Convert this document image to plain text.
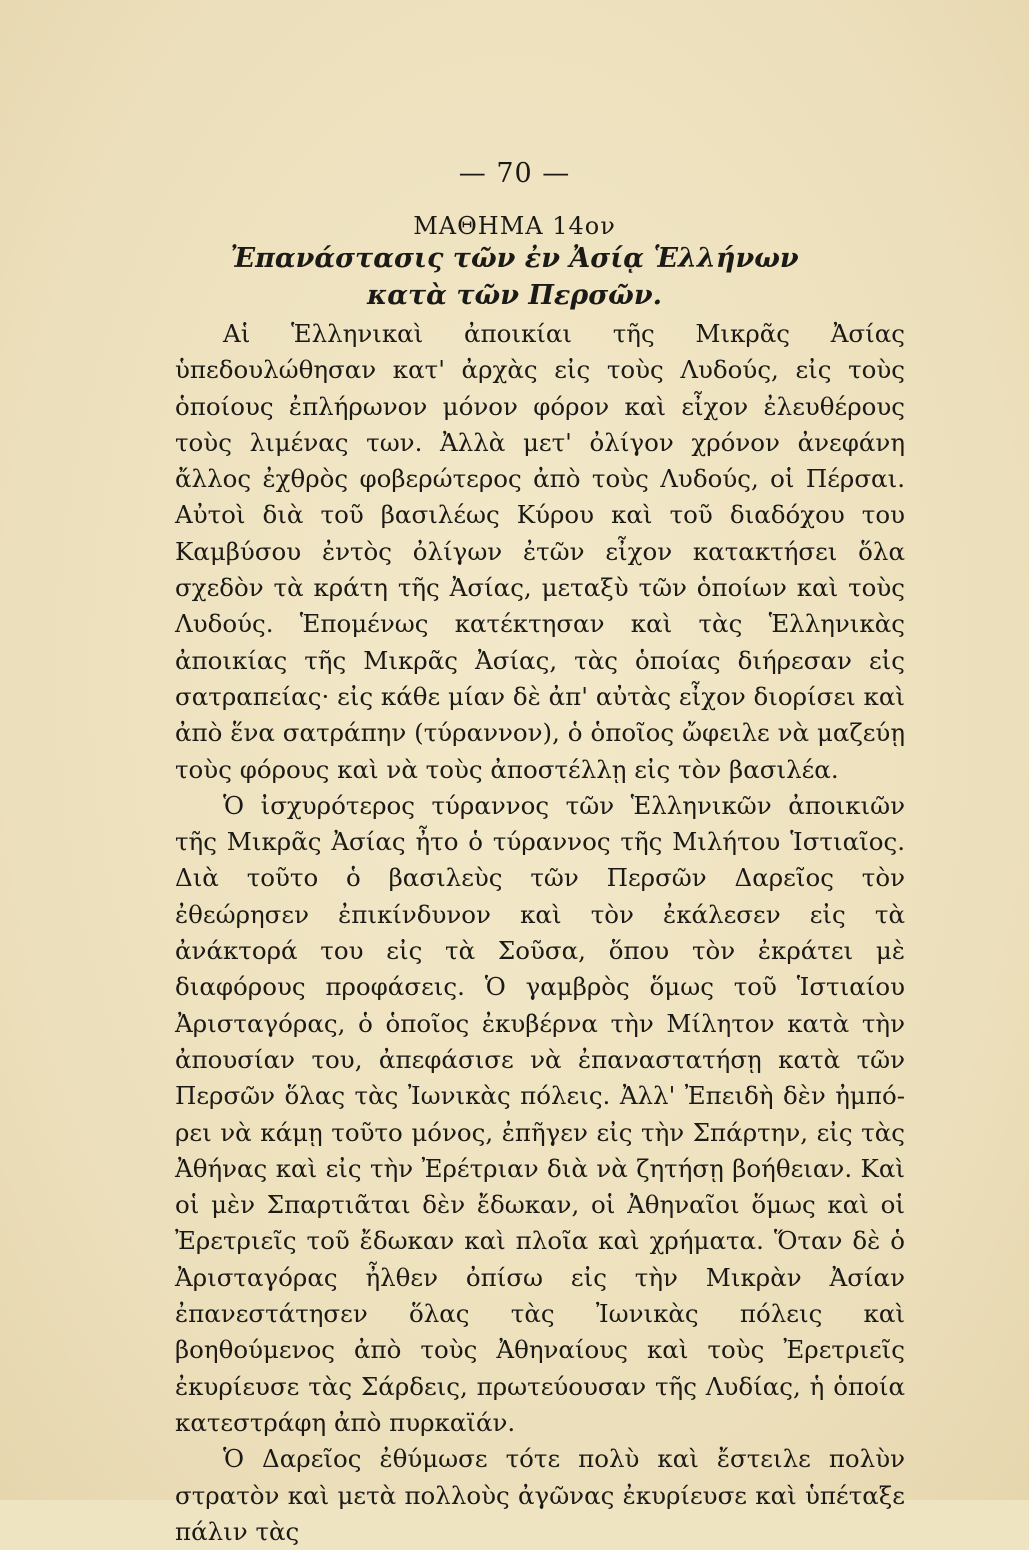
— 70 —
ΜΑΘΗΜΑ 14ον
Ἐπανάστασις τῶν ἐν Ἀσίᾳ Ἑλλήνων
κατὰ τῶν Περσῶν.

Αἱ Ἑλληνικαὶ ἀποικίαι τῆς Μικρᾶς Ἀσίας ὑπεδουλώθησαν κατ' ἀρχὰς εἰς τοὺς Λυδούς, εἰς τοὺς ὁποίους ἐπλήρωνον μόνον φόρον καὶ εἶχον ἐλευθέρους τοὺς λιμένας των. Ἀλλὰ μετ' ὀλίγον χρόνον ἀνεφάνη ἄλλος ἐχθρὸς φοβερώτερος ἀπὸ τοὺς Λυδούς, οἱ Πέρσαι. Αὐτοὶ διὰ τοῦ βασιλέως Κύρου καὶ τοῦ διαδόχου του Καμβύσου ἐντὸς ὀλίγων ἐτῶν εἶχον κατακτήσει ὅλα σχεδὸν τὰ κράτη τῆς Ἀσίας, μεταξὺ τῶν ὁποίων καὶ τοὺς Λυδούς. Ἑπομένως κατέκτησαν καὶ τὰς Ἑλληνικὰς ἀποικίας τῆς Μικρᾶς Ἀσίας, τὰς ὁποίας διήρεσαν εἰς σατραπείας· εἰς κάθε μίαν δὲ ἀπ' αὐτὰς εἶχον διορίσει καὶ ἀπὸ ἕνα σατράπην (τύραννον), ὁ ὁποῖος ὤφειλε νὰ μαζεύῃ τοὺς φόρους καὶ νὰ τοὺς ἀποστέλλῃ εἰς τὸν βασιλέα.

Ὁ ἰσχυρότερος τύραννος τῶν Ἑλληνικῶν ἀποικιῶν τῆς Μικρᾶς Ἀσίας ἦτο ὁ τύραννος τῆς Μιλήτου Ἱστιαῖος. Διὰ τοῦτο ὁ βασιλεὺς τῶν Περσῶν Δαρεῖος τὸν ἐθεώρησεν ἐπικίνδυνον καὶ τὸν ἐκάλεσεν εἰς τὰ ἀνάκτορά του εἰς τὰ Σοῦσα, ὅπου τὸν ἐκράτει μὲ διαφόρους προφάσεις. Ὁ γαμβρὸς ὅμως τοῦ Ἱστιαίου Ἀρισταγόρας, ὁ ὁποῖος ἐκυβέρνα τὴν Μίλητον κατὰ τὴν ἀπουσίαν του, ἀπεφάσισε νὰ ἐπαναστατήσῃ κατὰ τῶν Περσῶν ὅλας τὰς Ἰωνικὰς πόλεις. Ἀλλ' Ἐπειδὴ δὲν ἠμπόρει νὰ κάμῃ τοῦτο μόνος, ἐπῆγεν εἰς τὴν Σπάρτην, εἰς τὰς Ἀθήνας καὶ εἰς τὴν Ἐρέτριαν διὰ νὰ ζητήσῃ βοήθειαν. Καὶ οἱ μὲν Σπαρτιᾶται δὲν ἔδωκαν, οἱ Ἀθηναῖοι ὅμως καὶ οἱ Ἐρετριεῖς τοῦ ἔδωκαν καὶ πλοῖα καὶ χρήματα. Ὅταν δὲ ὁ Ἀρισταγόρας ἦλθεν ὀπίσω εἰς τὴν Μικρὰν Ἀσίαν ἐπανεστάτησεν ὅλας τὰς Ἰωνικὰς πόλεις καὶ βοηθούμενος ἀπὸ τοὺς Ἀθηναίους καὶ τοὺς Ἐρετριεῖς ἐκυρίευσε τὰς Σάρδεις, πρωτεύουσαν τῆς Λυδίας, ἡ ὁποία κατεστράφη ἀπὸ πυρκαϊάν.

Ὁ Δαρεῖος ἐθύμωσε τότε πολὺ καὶ ἔστειλε πολὺν στρατὸν καὶ μετὰ πολλοὺς ἀγῶνας ἐκυρίευσε καὶ ὑπέταξε πάλιν τὰς
